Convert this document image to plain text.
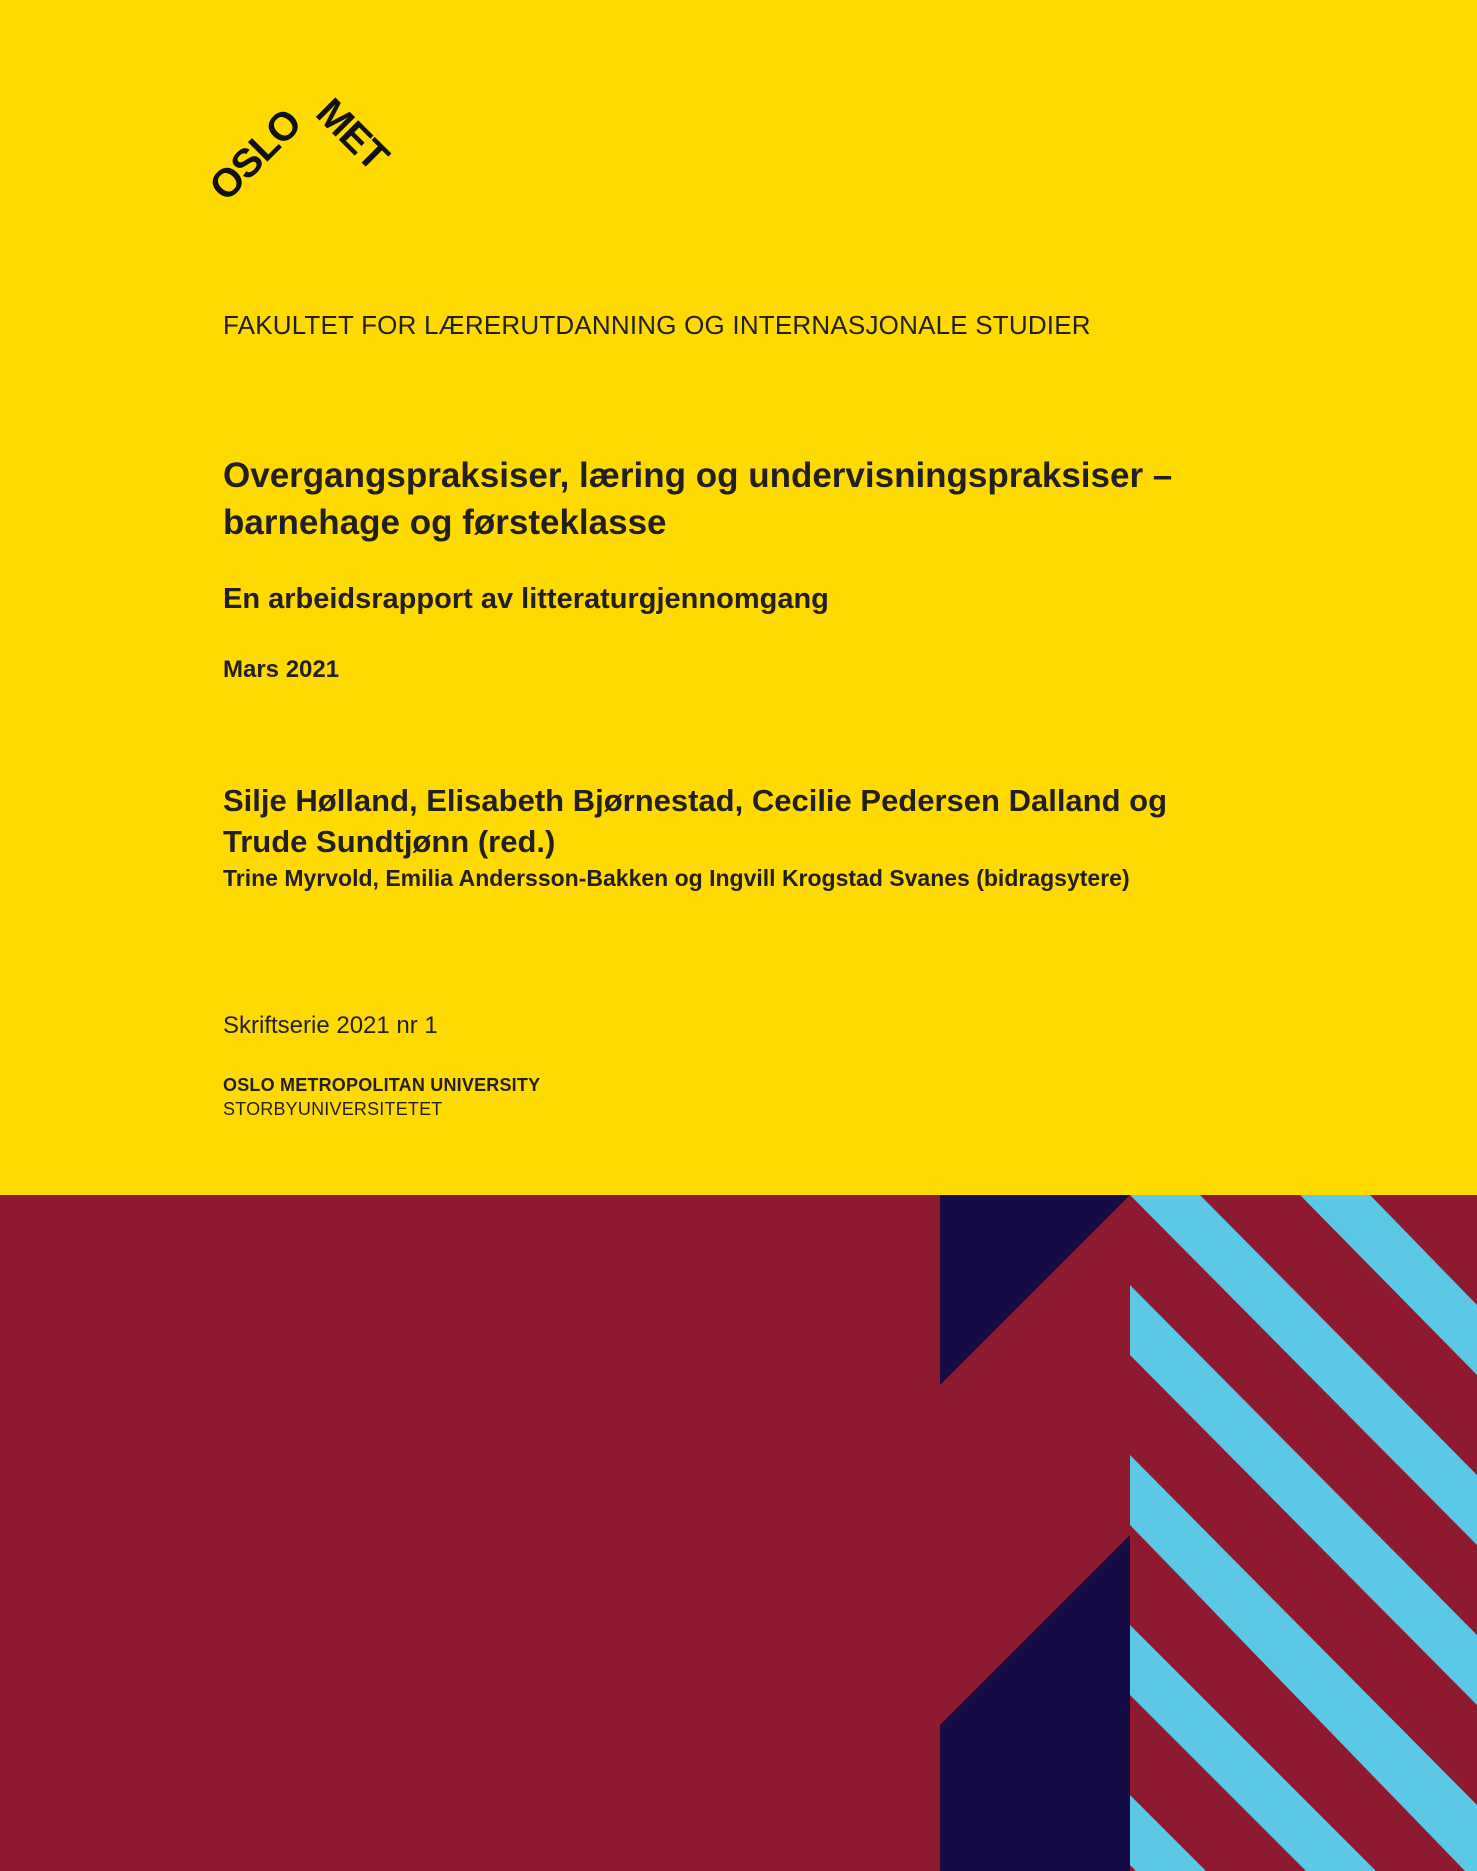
OSLO
MET
FAKULTET FOR LÆRERUTDANNING OG INTERNASJONALE STUDIER
Overgangspraksiser, læring og undervisningspraksiser –
barnehage og førsteklasse
En arbeidsrapport av litteraturgjennomgang
Mars 2021
Silje Hølland, Elisabeth Bjørnestad, Cecilie Pedersen Dalland og
Trude Sundtjønn (red.)
Trine Myrvold, Emilia Andersson-Bakken og Ingvill Krogstad Svanes (bidragsytere)
Skriftserie 2021 nr 1
OSLO METROPOLITAN UNIVERSITY
STORBYUNIVERSITETET
